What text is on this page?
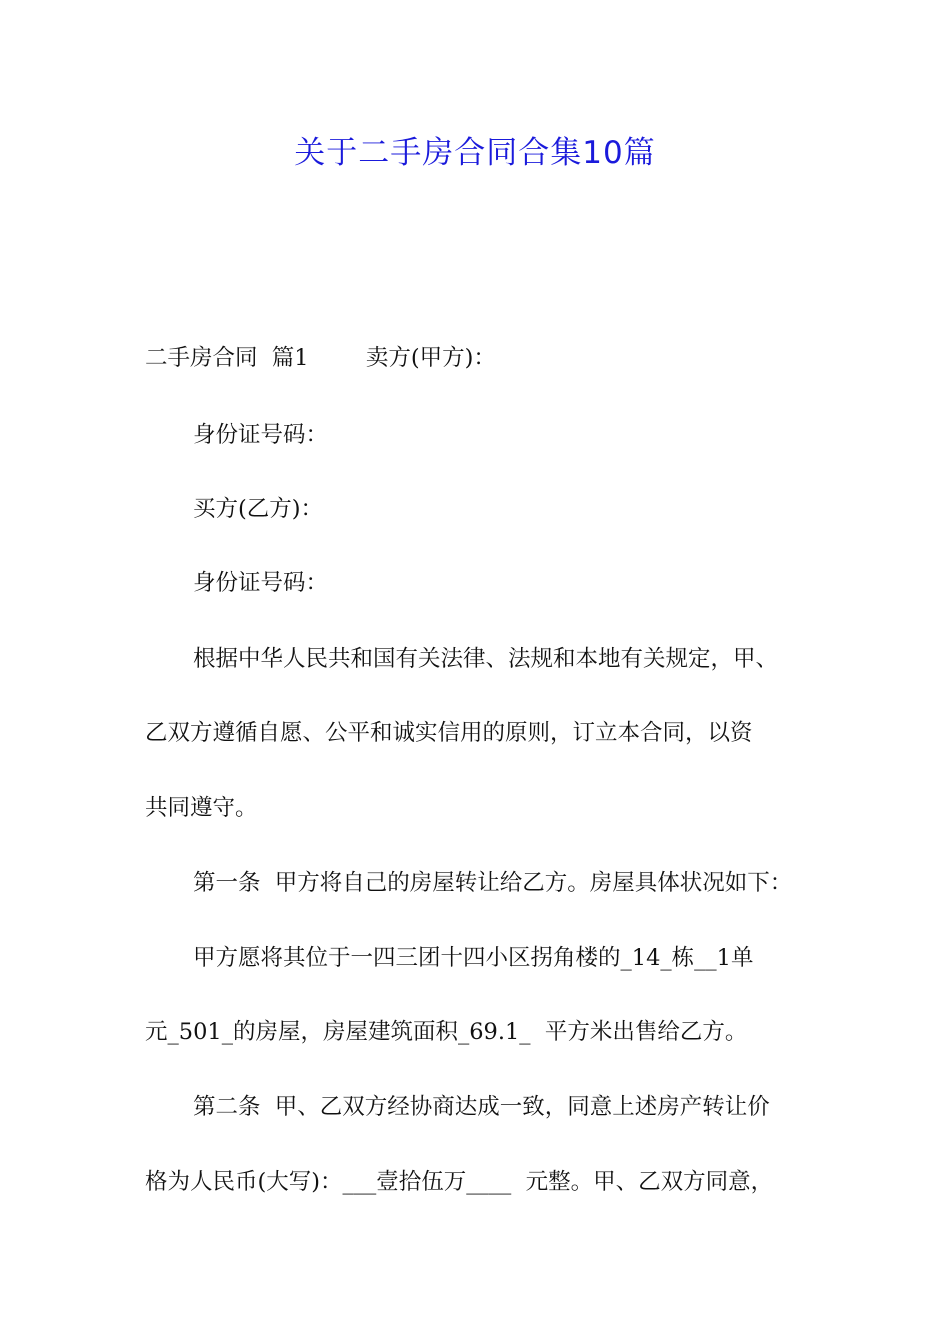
关于二手房合同合集10篇
二手房合同  篇1        卖方(甲方)：
身份证号码：
买方(乙方)：
身份证号码：
根据中华人民共和国有关法律、法规和本地有关规定，甲、
乙双方遵循自愿、公平和诚实信用的原则，订立本合同，以资
共同遵守。
第一条  甲方将自己的房屋转让给乙方。房屋具体状况如下：
甲方愿将其位于一四三团十四小区拐角楼的_14_栋__1单
元_501_的房屋，房屋建筑面积_69.1_  平方米出售给乙方。
第二条  甲、乙双方经协商达成一致，同意上述房产转让价
格为人民币(大写)：___壹拾伍万____  元整。甲、乙双方同意，
